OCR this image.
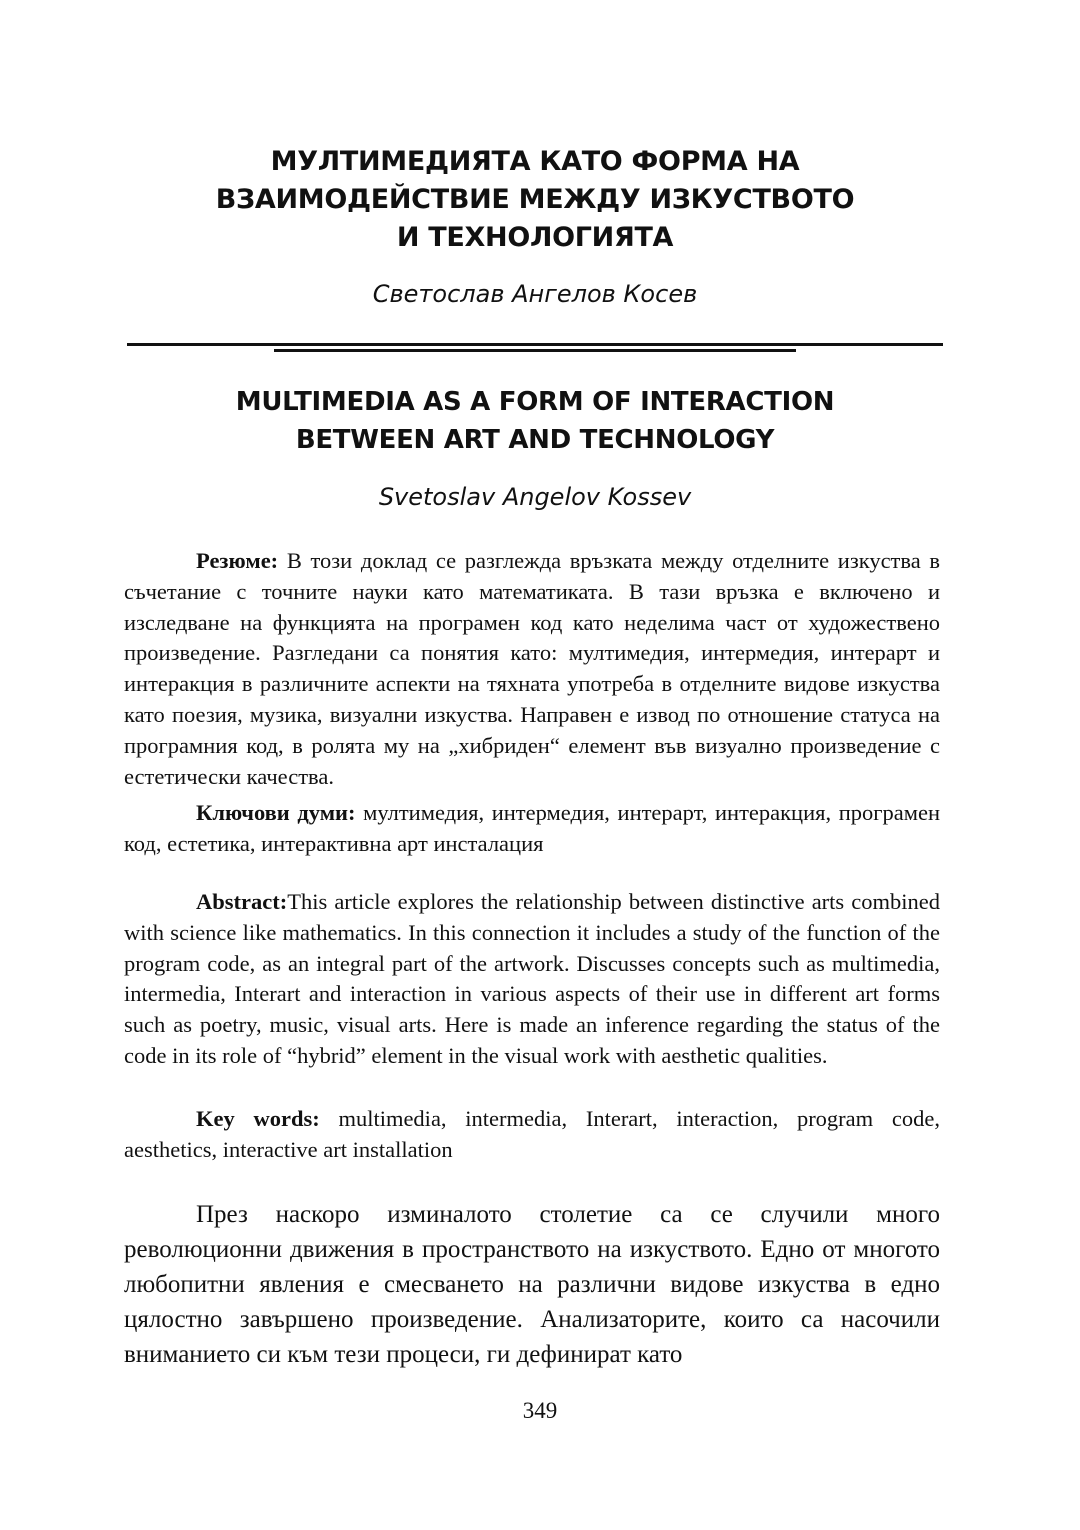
МУЛТИМЕДИЯТА КАТО ФОРМА НА
ВЗАИМОДЕЙСТВИЕ МЕЖДУ ИЗКУСТВОТО
И ТЕХНОЛОГИЯТА

Светослав Ангелов Косев

MULTIMEDIA AS A FORM OF INTERACTION
BETWEEN ART AND TECHNOLOGY

Svetoslav Angelov Kossev

Резюме: В този доклад се разглежда връзката между отделните изкуства в съчетание с точните науки като математиката. В тази връзка е включено и изследване на функцията на програмен код като неделима част от художествено произведение. Разгледани са понятия като: мултимедия, интермедия, интерарт и интеракция в различните аспекти на тяхната употреба в отделните видове изкуства като поезия, музика, визуални изкуства. Направен е извод по отношение статуса на програмния код, в ролята му на „хибриден“ елемент във визуално произведение с естетически качества.

Ключови думи: мултимедия, интермедия, интерарт, интеракция, програмен код, естетика, интерактивна арт инсталация

Abstract:This article explores the relationship between distinctive arts combined with science like mathematics. In this connection it includes a study of the function of the program code, as an integral part of the artwork. Discusses concepts such as multimedia, intermedia, Interart and interaction in various aspects of their use in different art forms such as poetry, music, visual arts. Here is made an inference regarding the status of the code in its role of “hybrid” element in the visual work with aesthetic qualities.

Key words: multimedia, intermedia, Interart, interaction, program code, aesthetics, interactive art installation

През наскоро изминалото столетие са се случили много революционни движения в пространството на изкуството. Едно от многото любопитни явления е смесването на различни видове изкуства в едно цялостно завършено произведение. Анализаторите, които са насочили вниманието си към тези процеси, ги дефинират като

349
